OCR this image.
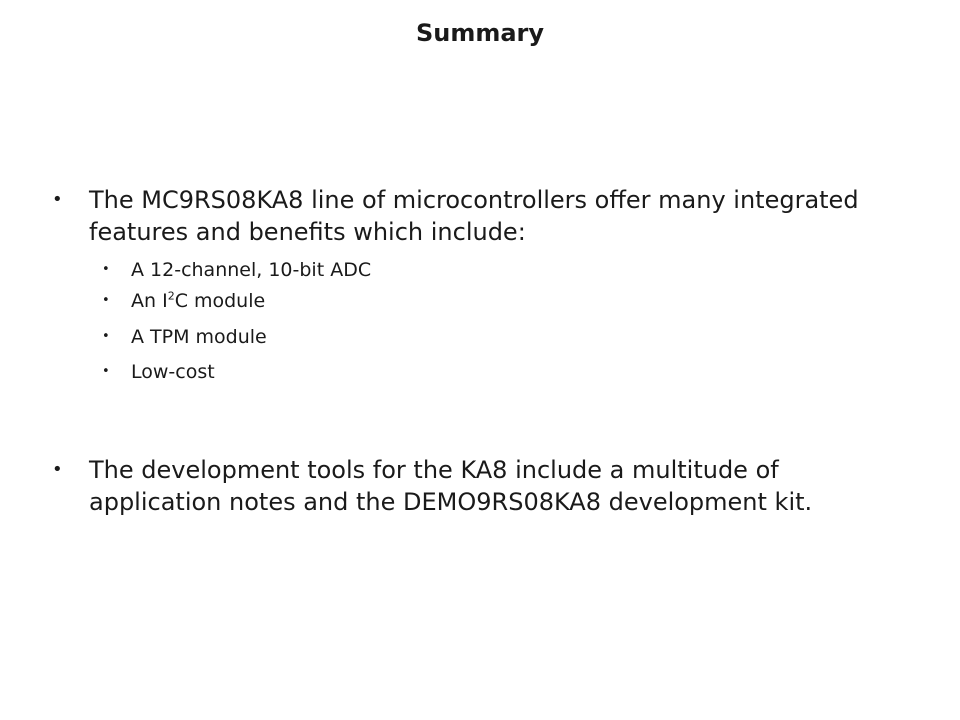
Summary
•	The MC9RS08KA8 line of microcontrollers offer many integrated features and benefits which include:
• A 12-channel, 10-bit ADC
• An $I^2C$ module
• A TPM module
• Low-cost
•	The development tools for the KA8 include a multitude of application notes and the DEMO9RS08KA8 development kit.
